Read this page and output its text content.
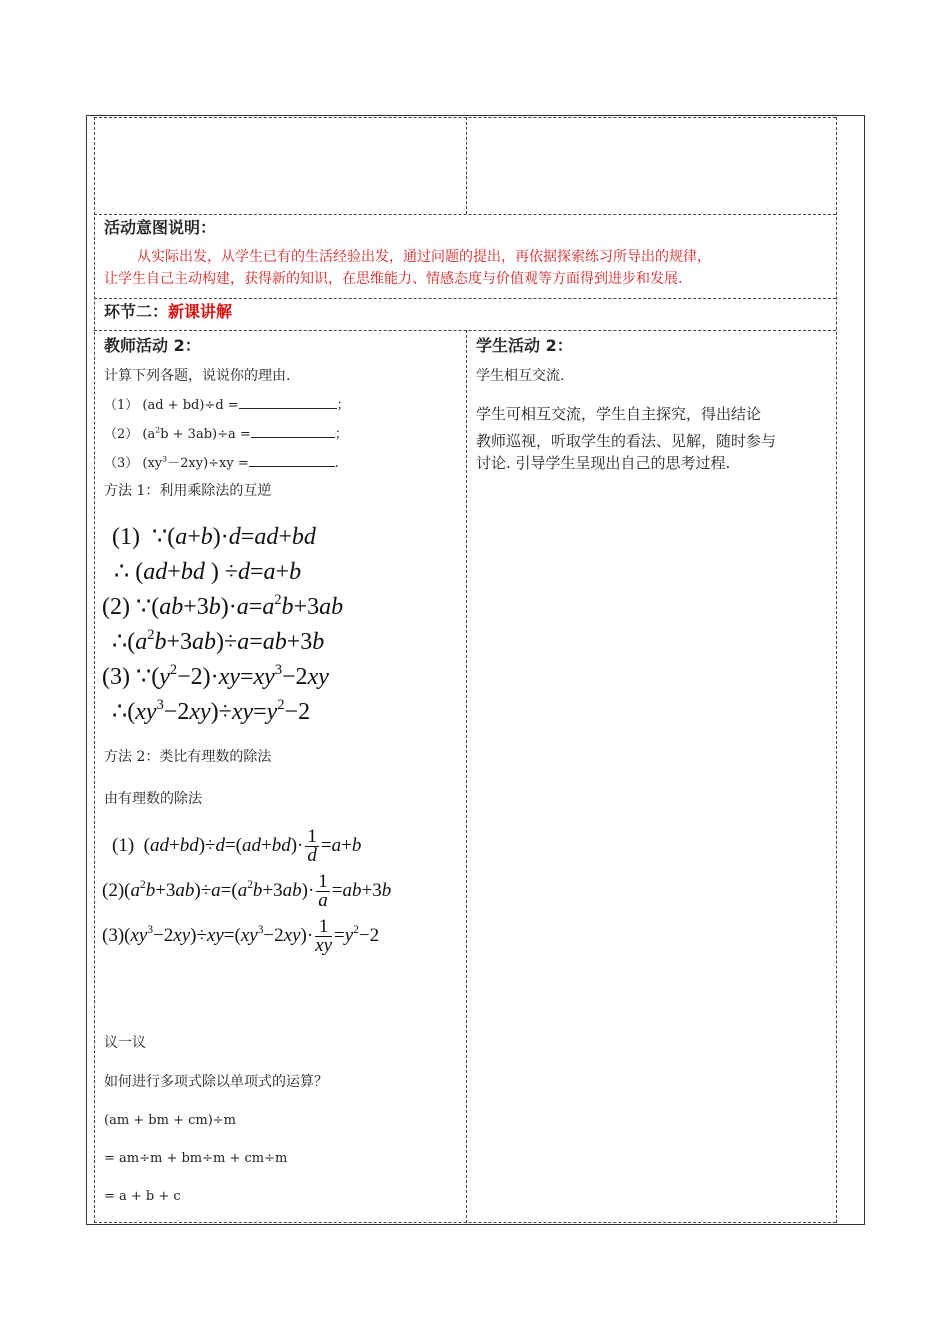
活动意图说明：
从实际出发，从学生已有的生活经验出发，通过问题的提出，再依据探索练习所导出的规律，
让学生自己主动构建，获得新的知识，在思维能力、情感态度与价值观等方面得到进步和发展.
环节二：新课讲解
教师活动 2：
计算下列各题，说说你的理由.
（1） (ad + bd)÷d =	；
（2） $(a^2b + 3ab)\div a$ =	；
（3） $(xy^3-2xy)\div xy$ =	.
方法 1：利用乘除法的互逆
(1) ∵(a+b)·d=ad+bd
∴ (ad+bd ) ÷d=a+b
(2) $\because(ab+3b)\cdot a=a^2b+3ab$
$\therefore(a^2b+3ab)\div a=ab+3b$
(3) $\because(y^2-2)\cdot xy=xy^3-2xy$
$\therefore(xy^3-2xy)\div xy=y^2-2$
方法 2：类比有理数的除法
由有理数的除法
(1)  $(ad+bd)\div d=(ad+bd)\cdot \frac{1}{d} =a+b$
$(2)(a^2b+3ab)\div a=(a^2b+3ab)\cdot \frac{1}{a} =ab+3b$
$(3)(xy^3-2xy)\div xy=(xy^3-2xy)\cdot \frac{1}{xy} =y^2-2$
议一议
如何进行多项式除以单项式的运算？
(am + bm + cm)÷m
= am÷m + bm÷m + cm÷m
= a + b + c
学生活动 2：
学生相互交流.
学生可相互交流，学生自主探究，得出结论
教师巡视，听取学生的看法、见解，随时参与
讨论. 引导学生呈现出自己的思考过程.
